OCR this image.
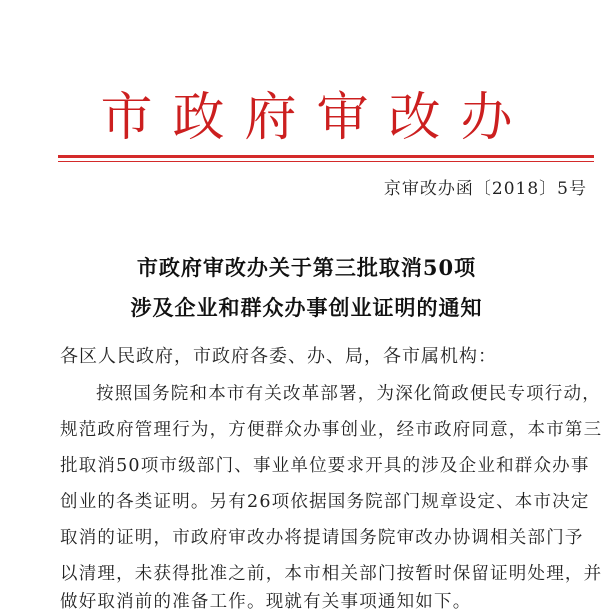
市政府审改办
京审改办函〔2018〕5号
市政府审改办关于第三批取消50项
涉及企业和群众办事创业证明的通知
各区人民政府，市政府各委、办、局，各市属机构：
按照国务院和本市有关改革部署，为深化简政便民专项行动，
规范政府管理行为，方便群众办事创业，经市政府同意，本市第三
批取消50项市级部门、事业单位要求开具的涉及企业和群众办事
创业的各类证明。另有26项依据国务院部门规章设定、本市决定
取消的证明，市政府审改办将提请国务院审改办协调相关部门予
以清理，未获得批准之前，本市相关部门按暂时保留证明处理，并
做好取消前的准备工作。现就有关事项通知如下。
